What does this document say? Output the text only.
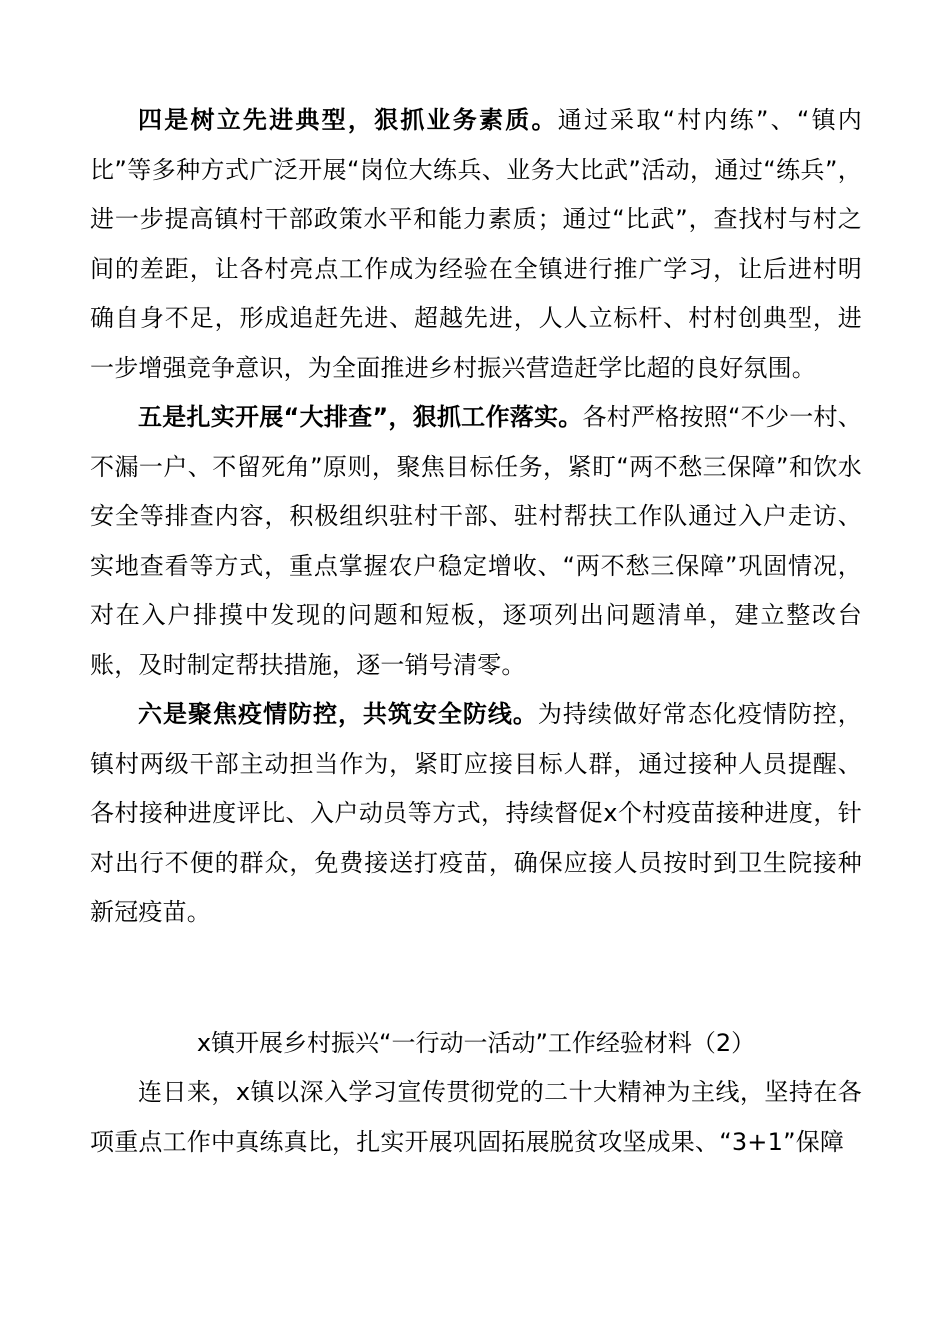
四是树立先进典型，狠抓业务素质。通过采取“村内练”、“镇内比”等多种方式广泛开展“岗位大练兵、业务大比武”活动，通过“练兵”，进一步提高镇村干部政策水平和能力素质；通过“比武”，查找村与村之间的差距，让各村亮点工作成为经验在全镇进行推广学习，让后进村明确自身不足，形成追赶先进、超越先进，人人立标杆、村村创典型，进一步增强竞争意识，为全面推进乡村振兴营造赶学比超的良好氛围。

五是扎实开展“大排查”，狠抓工作落实。各村严格按照“不少一村、不漏一户、不留死角”原则，聚焦目标任务，紧盯“两不愁三保障”和饮水安全等排查内容，积极组织驻村干部、驻村帮扶工作队通过入户走访、实地查看等方式，重点掌握农户稳定增收、“两不愁三保障”巩固情况，对在入户排摸中发现的问题和短板，逐项列出问题清单，建立整改台账，及时制定帮扶措施，逐一销号清零。

六是聚焦疫情防控，共筑安全防线。为持续做好常态化疫情防控，镇村两级干部主动担当作为，紧盯应接目标人群，通过接种人员提醒、各村接种进度评比、入户动员等方式，持续督促x个村疫苗接种进度，针对出行不便的群众，免费接送打疫苗，确保应接人员按时到卫生院接种新冠疫苗。

x镇开展乡村振兴“一行动一活动”工作经验材料（2）

连日来，x镇以深入学习宣传贯彻党的二十大精神为主线，坚持在各项重点工作中真练真比，扎实开展巩固拓展脱贫攻坚成果、“3+1”保障
